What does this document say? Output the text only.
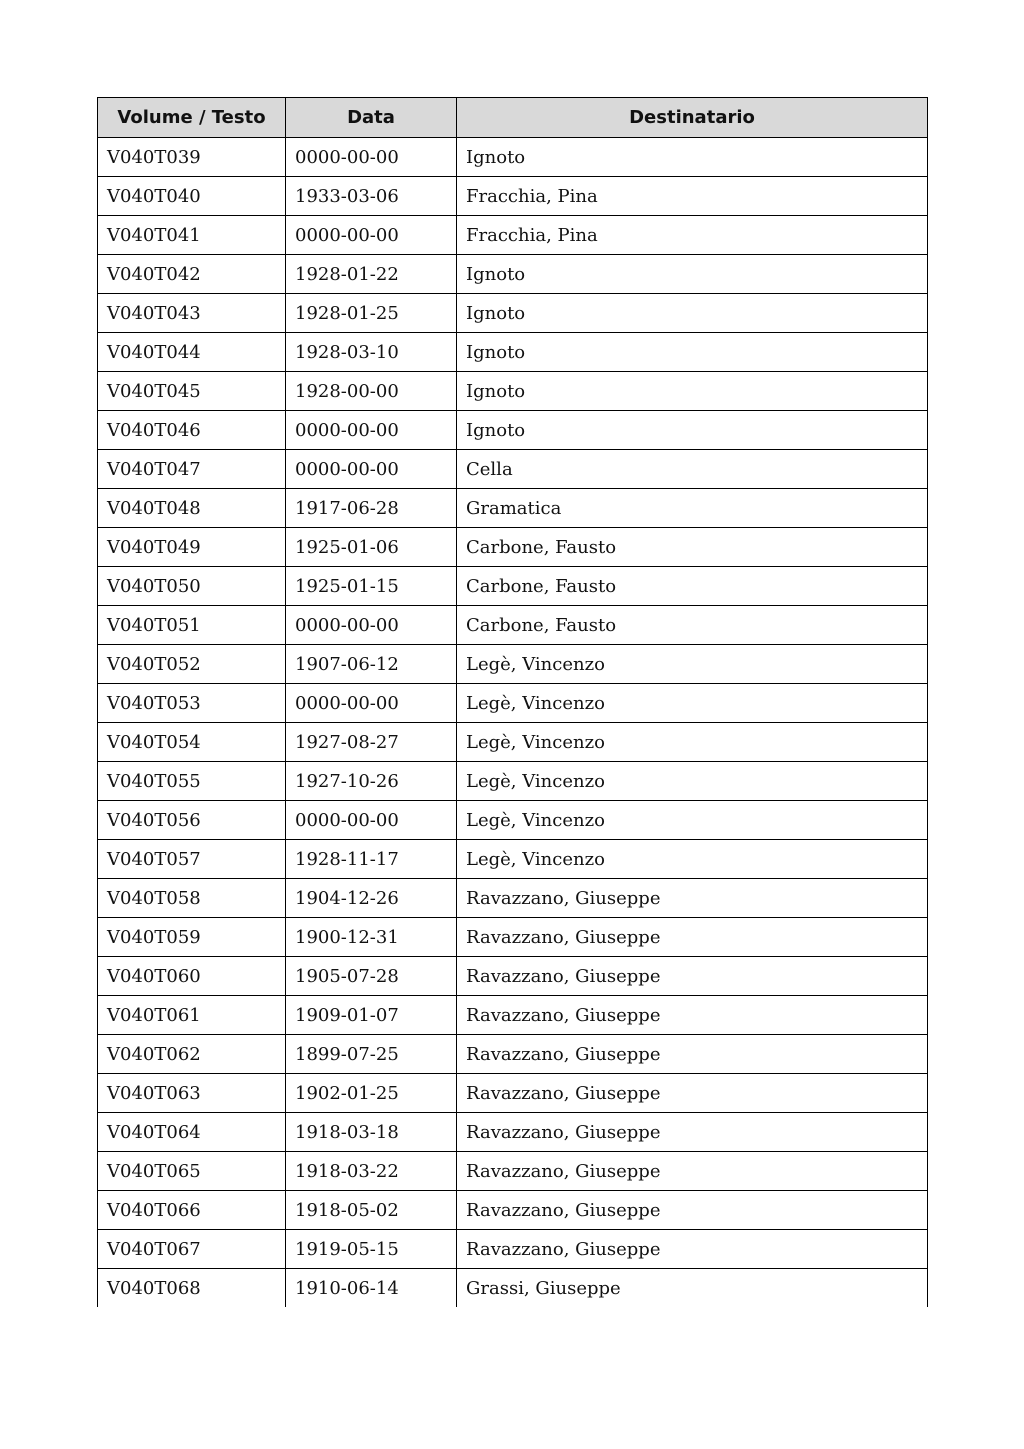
Volume / Testo	Data	Destinatario
V040T039	0000-00-00	Ignoto
V040T040	1933-03-06	Fracchia, Pina
V040T041	0000-00-00	Fracchia, Pina
V040T042	1928-01-22	Ignoto
V040T043	1928-01-25	Ignoto
V040T044	1928-03-10	Ignoto
V040T045	1928-00-00	Ignoto
V040T046	0000-00-00	Ignoto
V040T047	0000-00-00	Cella
V040T048	1917-06-28	Gramatica
V040T049	1925-01-06	Carbone, Fausto
V040T050	1925-01-15	Carbone, Fausto
V040T051	0000-00-00	Carbone, Fausto
V040T052	1907-06-12	Legè, Vincenzo
V040T053	0000-00-00	Legè, Vincenzo
V040T054	1927-08-27	Legè, Vincenzo
V040T055	1927-10-26	Legè, Vincenzo
V040T056	0000-00-00	Legè, Vincenzo
V040T057	1928-11-17	Legè, Vincenzo
V040T058	1904-12-26	Ravazzano, Giuseppe
V040T059	1900-12-31	Ravazzano, Giuseppe
V040T060	1905-07-28	Ravazzano, Giuseppe
V040T061	1909-01-07	Ravazzano, Giuseppe
V040T062	1899-07-25	Ravazzano, Giuseppe
V040T063	1902-01-25	Ravazzano, Giuseppe
V040T064	1918-03-18	Ravazzano, Giuseppe
V040T065	1918-03-22	Ravazzano, Giuseppe
V040T066	1918-05-02	Ravazzano, Giuseppe
V040T067	1919-05-15	Ravazzano, Giuseppe
V040T068	1910-06-14	Grassi, Giuseppe
